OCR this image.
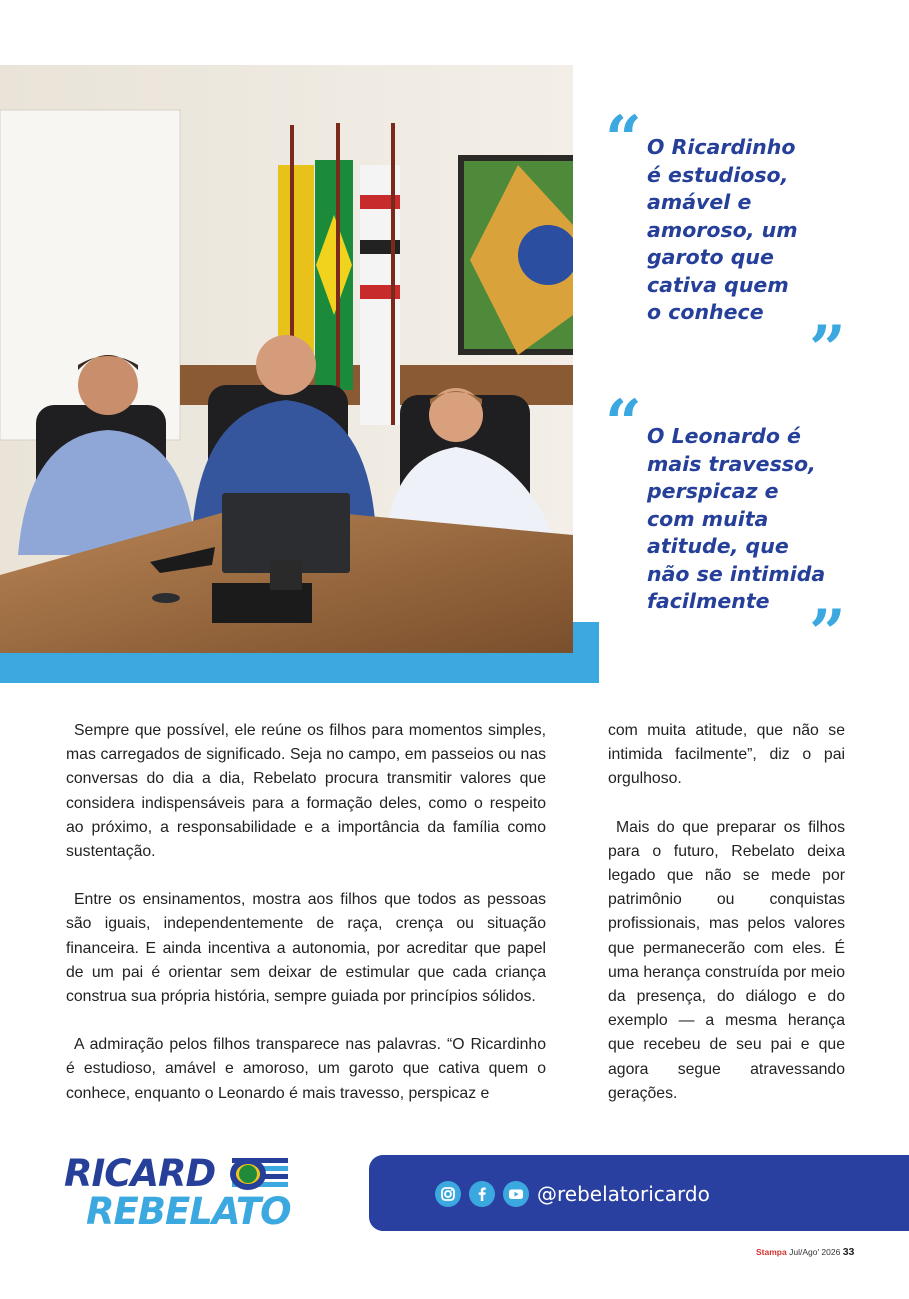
“ O Ricardinho
é estudioso,
amável e
amoroso, um
garoto que
cativa quem
o conhece ”
“ O Leonardo é
mais travesso,
perspicaz e
com muita
atitude, que
não se intimida
facilmente ”

Sempre que possível, ele reúne os filhos para momentos simples, mas carregados de significado. Seja no campo, em passeios ou nas conversas do dia a dia, Rebelato procura transmitir valores que considera indispensáveis para a formação deles, como o respeito ao próximo, a responsabilidade e a importância da família como sustentação.

Entre os ensinamentos, mostra aos filhos que todos as pessoas são iguais, independentemente de raça, crença ou situação financeira. E ainda incentiva a autonomia, por acreditar que papel de um pai é orientar sem deixar de estimular que cada criança construa sua própria história, sempre guiada por princípios sólidos.

A admiração pelos filhos transparece nas palavras. “O Ricardinho é estudioso, amável e amoroso, um garoto que cativa quem o conhece, enquanto o Leonardo é mais travesso, perspicaz e

com muita atitude, que não se intimida facilmente”, diz o pai orgulhoso.

Mais do que preparar os filhos para o futuro, Rebelato deixa legado que não se mede por patrimônio ou conquistas profissionais, mas pelos valores que permanecerão com eles. É uma herança construída por meio da presença, do diálogo e do exemplo — a mesma herança que recebeu de seu pai e que agora segue atravessando gerações.

RICARD
REBELATO	@rebelatoricardo
Stampa Jul/Ago' 2026 33
